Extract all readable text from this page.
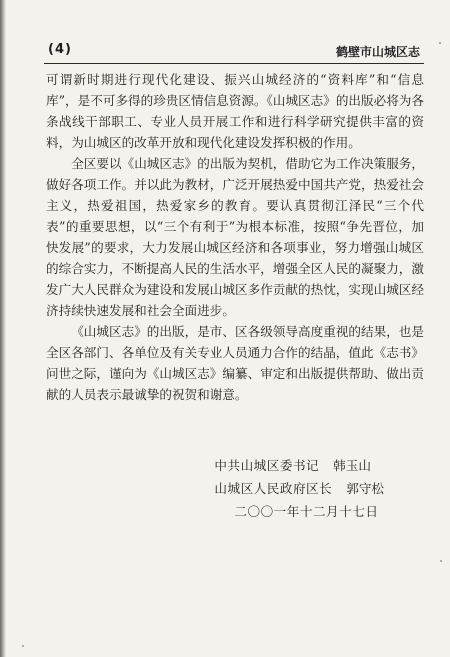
(4)	鹤壁市山城区志

可谓新时期进行现代化建设、振兴山城经济的“资料库”和“信息库”，是不可多得的珍贵区情信息资源。《山城区志》的出版必将为各条战线干部职工、专业人员开展工作和进行科学研究提供丰富的资料，为山城区的改革开放和现代化建设发挥积极的作用。

全区要以《山城区志》的出版为契机，借助它为工作决策服务，做好各项工作。并以此为教材，广泛开展热爱中国共产党，热爱社会主义，热爱祖国，热爱家乡的教育。要认真贯彻江泽民“三个代表”的重要思想，以“三个有利于”为根本标准，按照“争先晋位，加快发展”的要求，大力发展山城区经济和各项事业，努力增强山城区的综合实力，不断提高人民的生活水平，增强全区人民的凝聚力，激发广大人民群众为建设和发展山城区多作贡献的热忱，实现山城区经济持续快速发展和社会全面进步。

《山城区志》的出版，是市、区各级领导高度重视的结果，也是全区各部门、各单位及有关专业人员通力合作的结晶，值此《志书》问世之际，谨向为《山城区志》编纂、审定和出版提供帮助、做出贡献的人员表示最诚挚的祝贺和谢意。

中共山城区委书记 韩玉山
山城区人民政府区长 郭守松
二〇〇一年十二月十七日
